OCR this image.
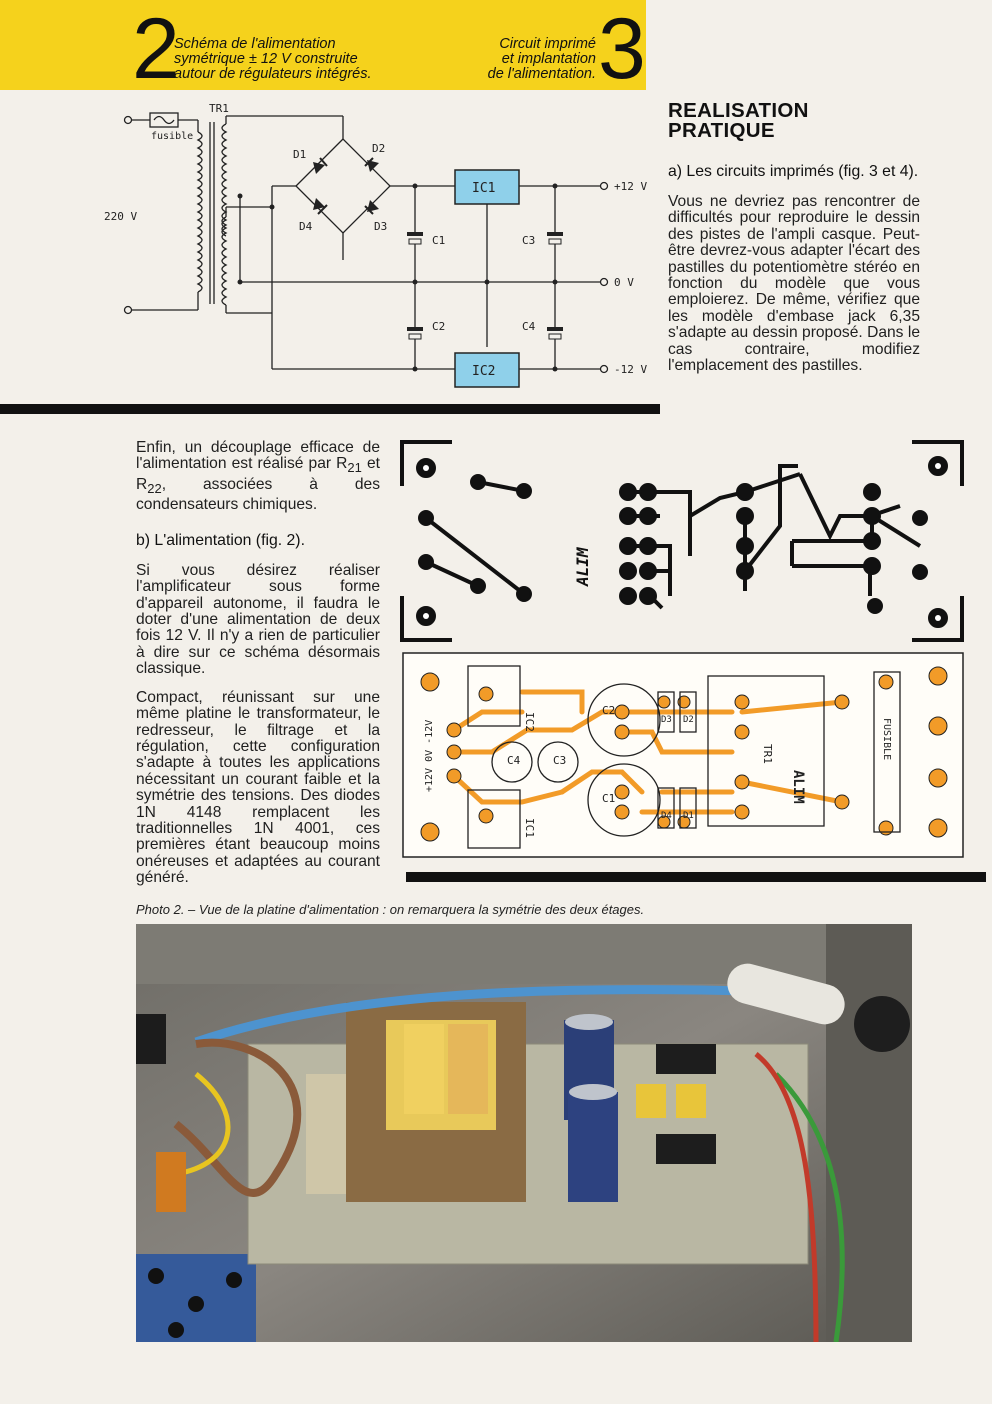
2
Schéma de l'alimentation
symétrique ± 12 V construite
autour de régulateurs intégrés.
Circuit imprimé
et implantation
de l'alimentation. 3
TR1
fusible
220 V
D1	D2
D3
D4
IC1
IC2
C1
C2
C3
C4
+12 V
0 V
-12 V
REALISATION
PRATIQUE
a) Les circuits imprimés (fig. 3 et 4).
Vous ne devriez pas rencontrer de difficultés pour reproduire le dessin des pistes de l'ampli casque. Peut-être devrez-vous adapter l'écart des pastilles du potentiomètre stéréo en fonction du modèle que vous emploierez. De même, vérifiez que les modèle d'embase jack 6,35 s'adapte au dessin proposé. Dans le cas contraire, modifiez l'emplacement des pastilles.

Enfin, un découplage efficace de l'alimentation est réalisé par $R_{21}$ et $R_{22}$, associées à des condensateurs chimiques.

b) L'alimentation (fig. 2).

Si vous désirez réaliser l'amplificateur sous forme d'appareil autonome, il faudra le doter d'une alimentation de deux fois 12 V. Il n'y a rien de particulier à dire sur ce schéma désormais classique.

Compact, réunissant sur une même platine le transformateur, le redresseur, le filtrage et la régulation, cette configuration s'adapte à toutes les applications nécessitant un courant faible et la symétrie des tensions. Des diodes 1N 4148 remplacent les traditionnelles 1N 4001, ces premières étant beaucoup moins onéreuses et adaptées au courant généré.

ALIM
IC2
IC1
C4	C3
C2
C1
D3 D2
D4 D1
TR1
ALIM
FUSIBLE
+12V 0V -12V
Photo 2. – Vue de la platine d'alimentation : on remarquera la symétrie des deux étages.
